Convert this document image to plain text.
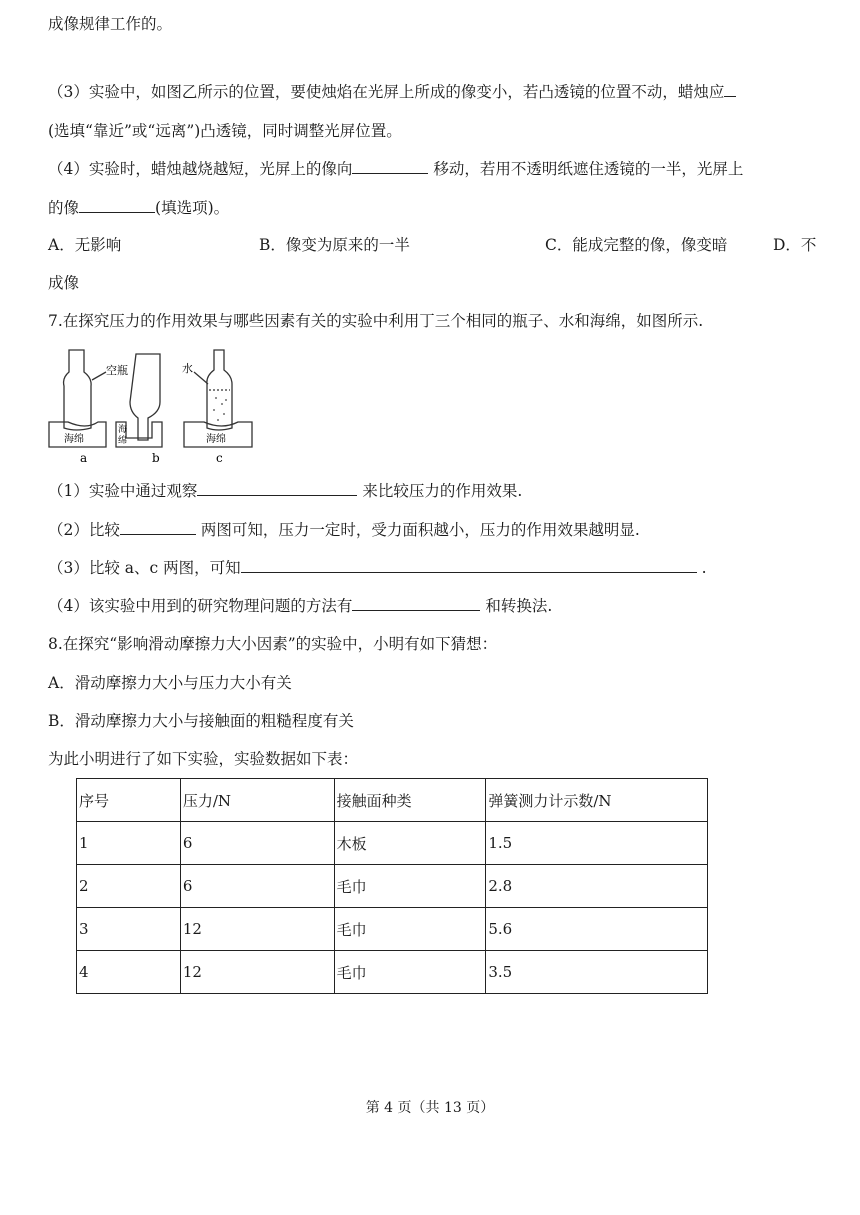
成像规律工作的。
（3）实验中，如图乙所示的位置，要使烛焰在光屏上所成的像变小，若凸透镜的位置不动，蜡烛应
(选填“靠近”或“远离”)凸透镜，同时调整光屏位置。
（4）实验时，蜡烛越烧越短，光屏上的像向	移动，若用不透明纸遮住透镜的一半，光屏上
的像	(填选项)。
A．无影响	B．像变为原来的一半	C．能成完整的像，像变暗	D．不
成像
7.在探究压力的作用效果与哪些因素有关的实验中利用丁三个相同的瓶子、水和海绵，如图所示.
空瓶	水
海绵
海
绵	海绵
a	b	c
（1）实验中通过观察	来比较压力的作用效果.
（2）比较	两图可知，压力一定时，受力面积越小，压力的作用效果越明显.
（3）比较 a、c 两图，可知	.
（4）该实验中用到的研究物理问题的方法有	和转换法.
8.在探究“影响滑动摩擦力大小因素”的实验中，小明有如下猜想：
A．滑动摩擦力大小与压力大小有关
B．滑动摩擦力大小与接触面的粗糙程度有关
为此小明进行了如下实验，实验数据如下表：
序号	压力/N	接触面种类	弹簧测力计示数/N
1	6	木板	1.5
2	6	毛巾	2.8
3	12	毛巾	5.6
4	12	毛巾	3.5
第 4 页（共 13 页）
